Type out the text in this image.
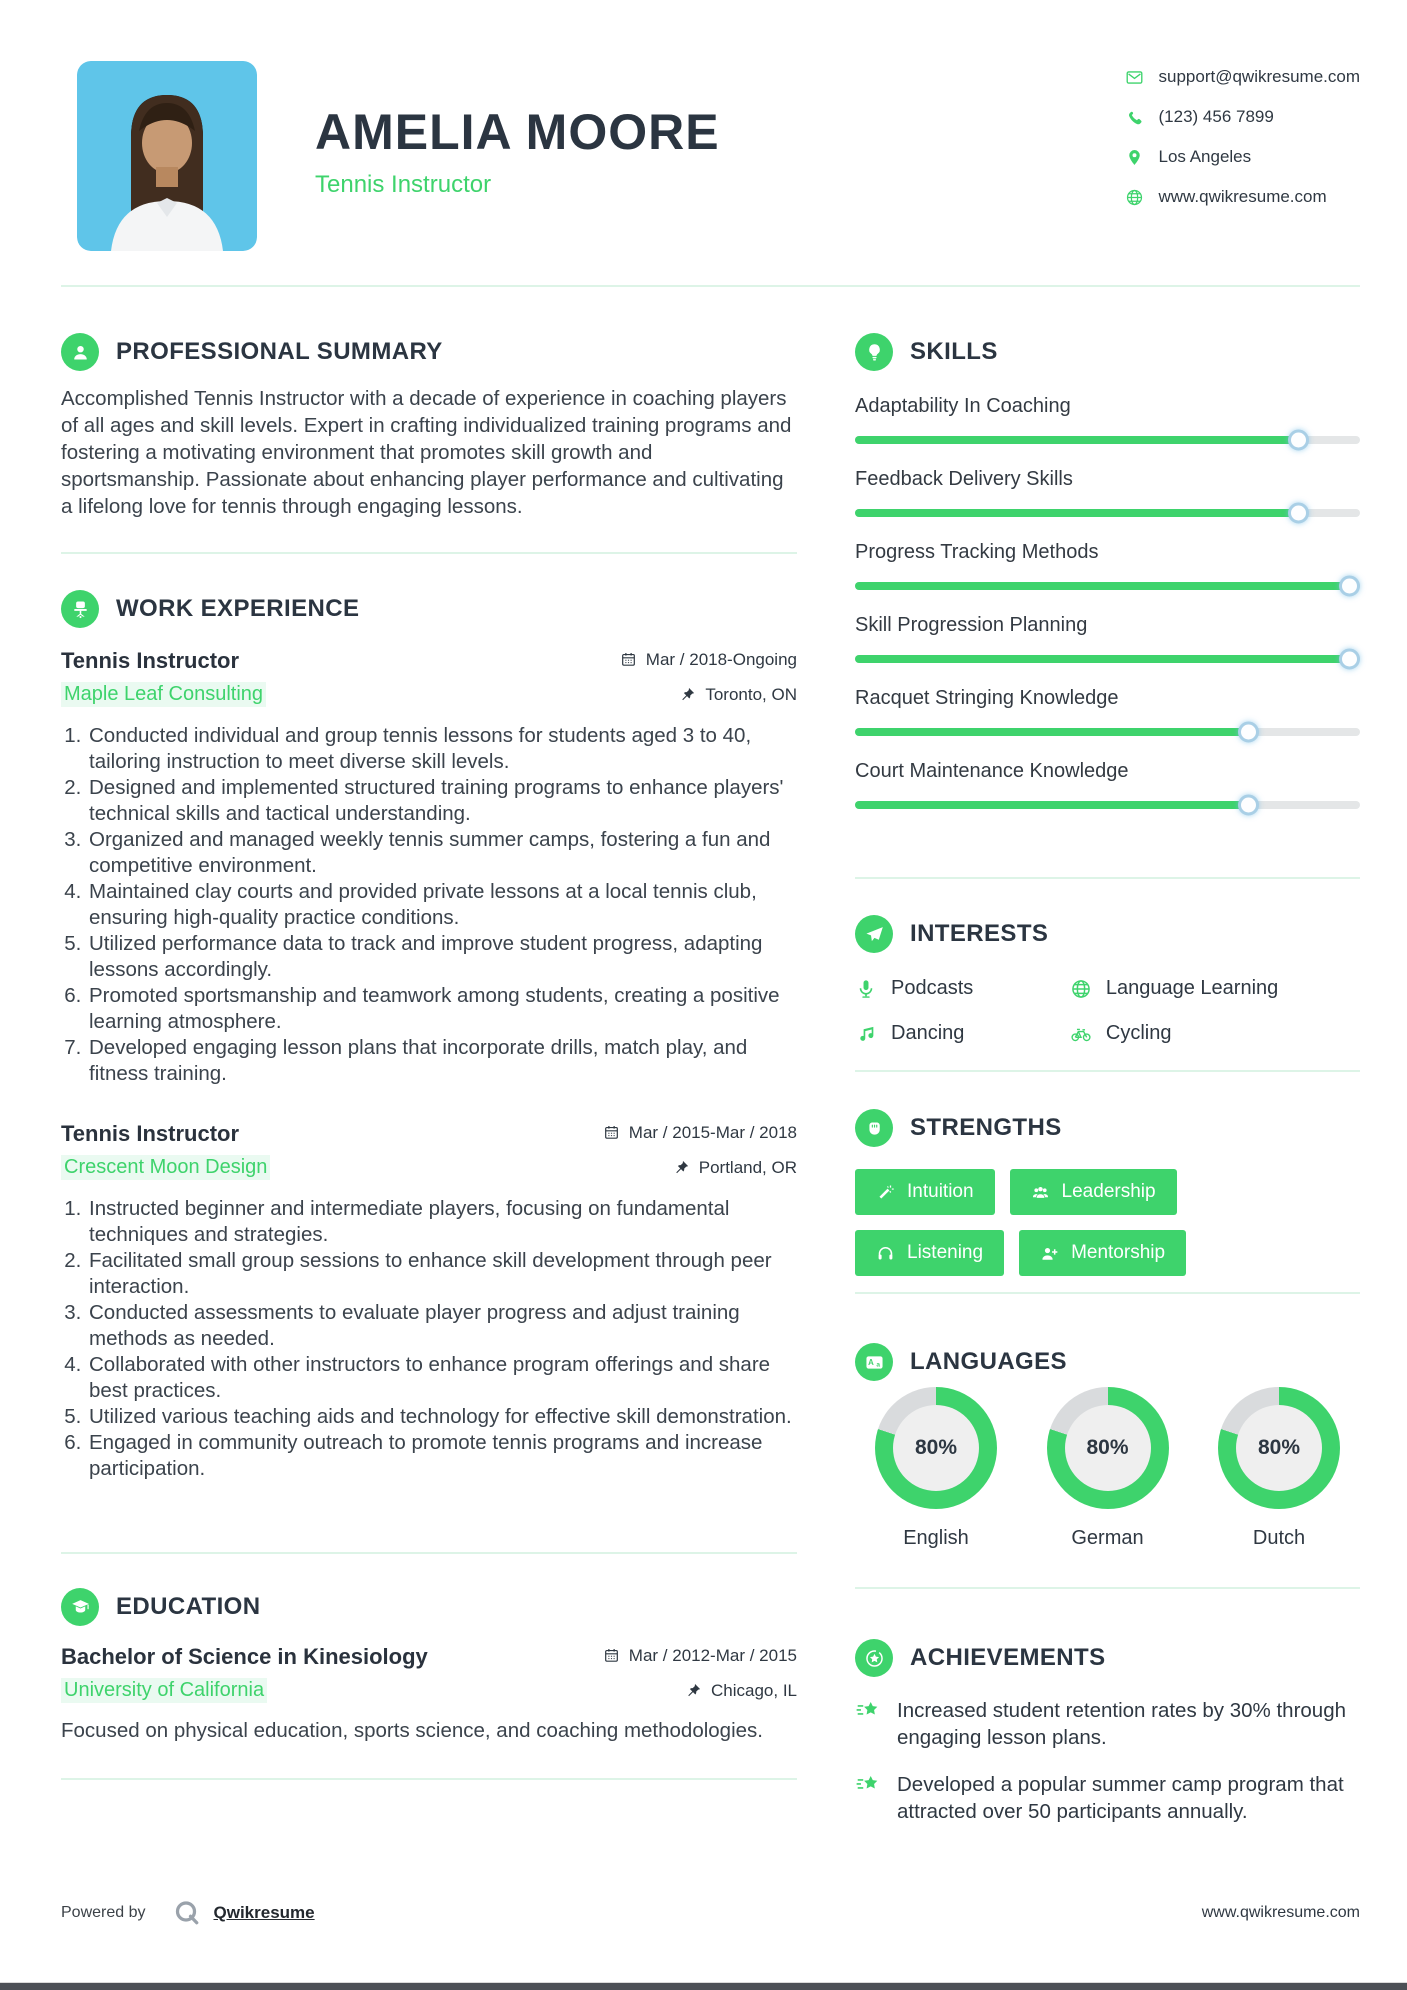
AMELIA MOORE
Tennis Instructor
support@qwikresume.com
(123) 456 7899
Los Angeles
www.qwikresume.com
PROFESSIONAL SUMMARY

Accomplished Tennis Instructor with a decade of experience in coaching players of all ages and skill levels. Expert in crafting individualized training programs and fostering a motivating environment that promotes skill growth and sportsmanship. Passionate about enhancing player performance and cultivating a lifelong love for tennis through engaging lessons.

WORK EXPERIENCE
Tennis Instructor	Mar / 2018-Ongoing
Maple Leaf Consulting	Toronto, ON
1. Conducted individual and group tennis lessons for students aged 3 to 40, tailoring instruction to meet diverse skill levels.
2. Designed and implemented structured training programs to enhance players' technical skills and tactical understanding.
3. Organized and managed weekly tennis summer camps, fostering a fun and competitive environment.
4. Maintained clay courts and provided private lessons at a local tennis club, ensuring high-quality practice conditions.
5. Utilized performance data to track and improve student progress, adapting lessons accordingly.
6. Promoted sportsmanship and teamwork among students, creating a positive learning atmosphere.
7. Developed engaging lesson plans that incorporate drills, match play, and fitness training.
Tennis Instructor	Mar / 2015-Mar / 2018
Crescent Moon Design	Portland, OR
1. Instructed beginner and intermediate players, focusing on fundamental techniques and strategies.
2. Facilitated small group sessions to enhance skill development through peer interaction.
3. Conducted assessments to evaluate player progress and adjust training methods as needed.
4. Collaborated with other instructors to enhance program offerings and share best practices.
5. Utilized various teaching aids and technology for effective skill demonstration.
6. Engaged in community outreach to promote tennis programs and increase participation.
EDUCATION
Bachelor of Science in Kinesiology	Mar / 2012-Mar / 2015
University of California	Chicago, IL

Focused on physical education, sports science, and coaching methodologies.

SKILLS
Adaptability In Coaching
Feedback Delivery Skills
Progress Tracking Methods
Skill Progression Planning
Racquet Stringing Knowledge
Court Maintenance Knowledge
INTERESTS
Podcasts	Language Learning
Dancing	Cycling
STRENGTHS
Intuition	Leadership
Listening	Mentorship
LANGUAGES
80%
English
80%
German
80%
Dutch
ACHIEVEMENTS

Increased student retention rates by 30% through engaging lesson plans.

Developed a popular summer camp program that attracted over 50 participants annually.

Powered by	Qwikresume	www.qwikresume.com
